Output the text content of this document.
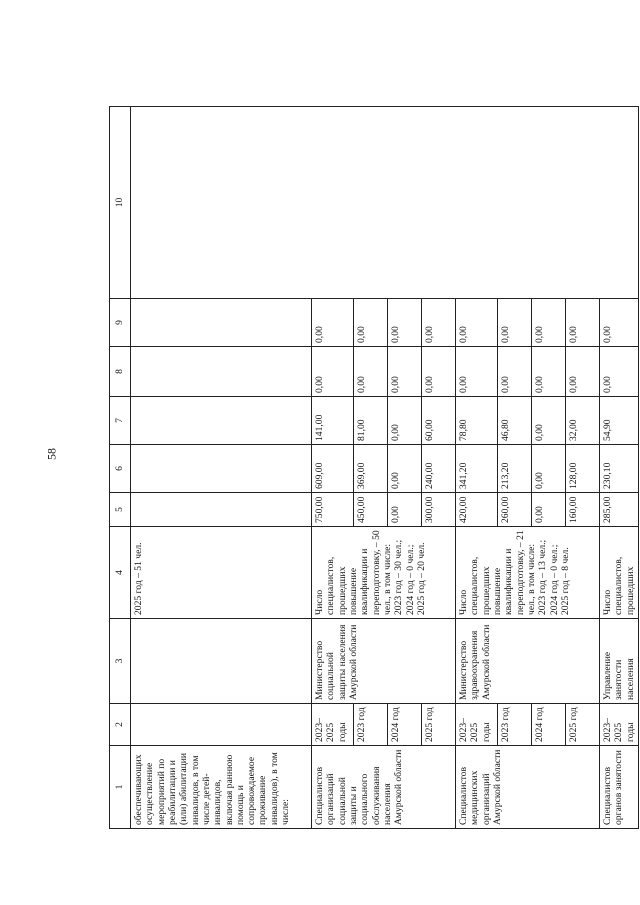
58
1	2	3	4	5	6	7	8	9	10
обеспечивающих осуществление мероприятий по реабилитации и (или) абилитации инвалидов, в том числе детей-инвалидов, включая раннюю помощь и сопровождаемое проживание инвалидов), в том числе:			2025 год – 51 чел.						
Специалистов организаций социальной защиты и социального обслуживания населения Амурской области	2023–2025 годы	Министерство социальной защиты населения Амурской области	Число специалистов, прошедших повышение квалификации и переподготовку, – 50 чел., в том числе: 2023 год – 30 чел.; 2024 год – 0 чел.; 2025 год – 20 чел.	750,00	609,00	141,00	0,00	0,00	
	2023 год			450,00	369,00	81,00	0,00	0,00	
	2024 год			0,00	0,00	0,00	0,00	0,00	
	2025 год			300,00	240,00	60,00	0,00	0,00	
Специалистов медицинских организаций Амурской области	2023–2025 годы	Министерство здравоохранения Амурской области	Число специалистов, прошедших повышение квалификации и переподготовку, – 21 чел., в том числе: 2023 год – 13 чел.; 2024 год – 0 чел.; 2025 год – 8 чел.	420,00	341,20	78,80	0,00	0,00	
	2023 год			260,00	213,20	46,80	0,00	0,00	
	2024 год			0,00	0,00	0,00	0,00	0,00	
	2025 год			160,00	128,00	32,00	0,00	0,00	
Специалистов органов занятости	2023–2025 годы	Управление занятости населения	Число специалистов, прошедших	285,00	230,10	54,90	0,00	0,00	
